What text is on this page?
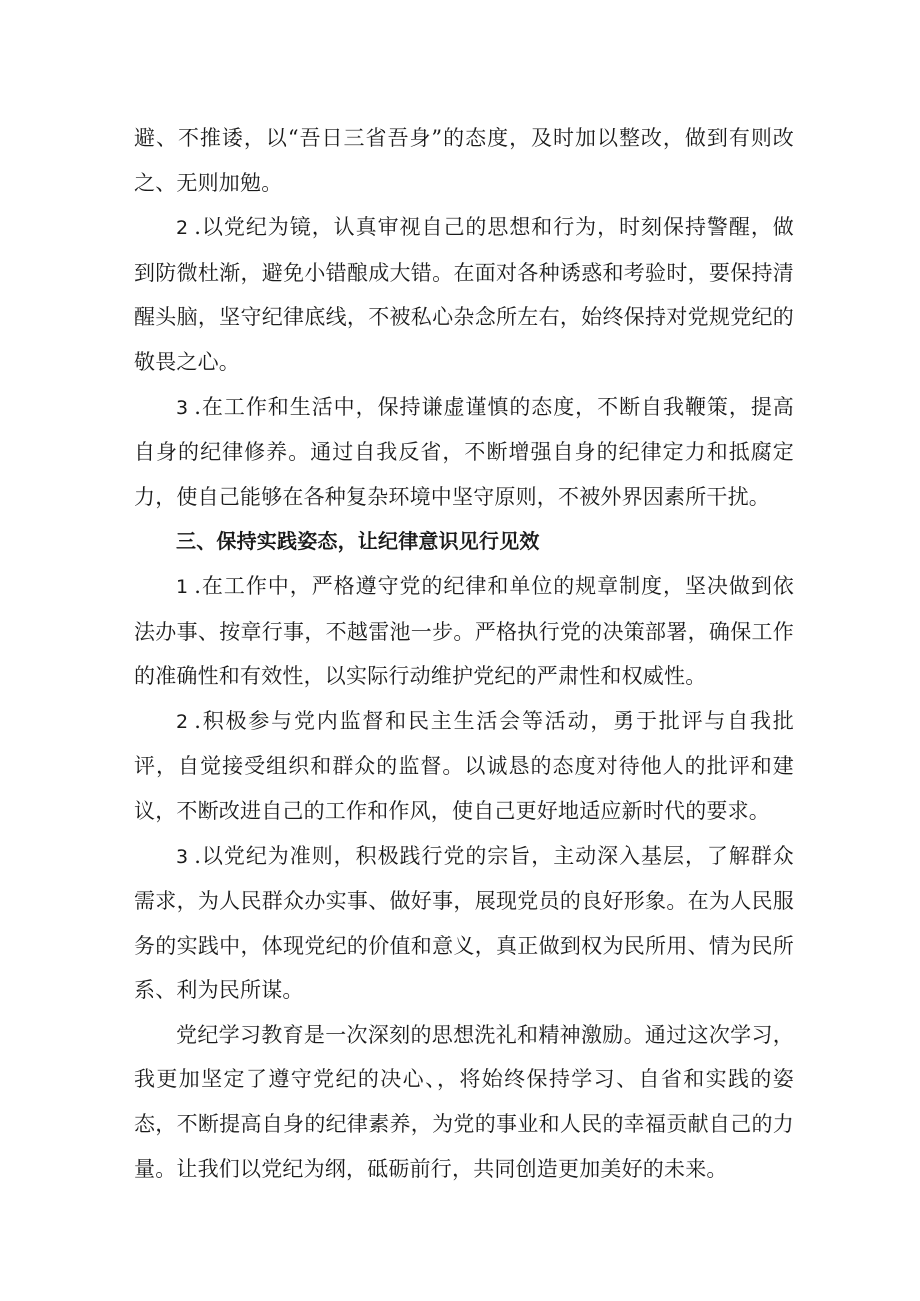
避、不推诿，以“吾日三省吾身”的态度，及时加以整改，做到有则改之、无则加勉。

2 .以党纪为镜，认真审视自己的思想和行为，时刻保持警醒，做到防微杜渐，避免小错酿成大错。在面对各种诱惑和考验时，要保持清醒头脑，坚守纪律底线，不被私心杂念所左右，始终保持对党规党纪的敬畏之心。

3 .在工作和生活中，保持谦虚谨慎的态度，不断自我鞭策，提高自身的纪律修养。通过自我反省，不断增强自身的纪律定力和抵腐定力，使自己能够在各种复杂环境中坚守原则，不被外界因素所干扰。

三、保持实践姿态，让纪律意识见行见效

1 .在工作中，严格遵守党的纪律和单位的规章制度，坚决做到依法办事、按章行事，不越雷池一步。严格执行党的决策部署，确保工作的准确性和有效性，以实际行动维护党纪的严肃性和权威性。

2 .积极参与党内监督和民主生活会等活动，勇于批评与自我批评，自觉接受组织和群众的监督。以诚恳的态度对待他人的批评和建议，不断改进自己的工作和作风，使自己更好地适应新时代的要求。

3 .以党纪为准则，积极践行党的宗旨，主动深入基层，了解群众需求，为人民群众办实事、做好事，展现党员的良好形象。在为人民服务的实践中，体现党纪的价值和意义，真正做到权为民所用、情为民所系、利为民所谋。

党纪学习教育是一次深刻的思想洗礼和精神激励。通过这次学习，我更加坚定了遵守党纪的决心、，将始终保持学习、自省和实践的姿态，不断提高自身的纪律素养，为党的事业和人民的幸福贡献自己的力量。让我们以党纪为纲，砥砺前行，共同创造更加美好的未来。
